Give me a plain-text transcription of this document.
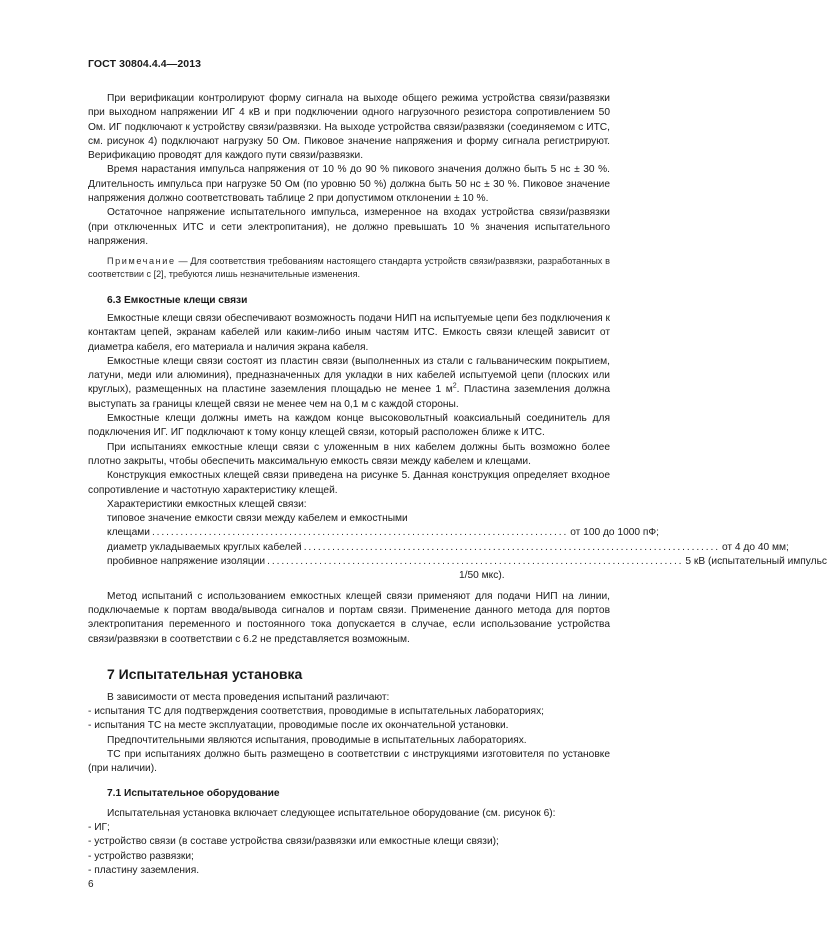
ГОСТ 30804.4.4—2013

При верификации контролируют форму сигнала на выходе общего режима устройства связи/развязки при выходном напряжении ИГ 4 кВ и при подключении одного нагрузочного резистора сопротивлением 50 Ом. ИГ подключают к устройству связи/развязки. На выходе устройства связи/развязки (соединяемом с ИТС, см. рисунок 4) подключают нагрузку 50 Ом. Пиковое значение напряжения и форму сигнала регистрируют. Верификацию проводят для каждого пути связи/развязки.

Время нарастания импульса напряжения от 10 % до 90 % пикового значения должно быть 5 нс ± 30 %. Длительность импульса при нагрузке 50 Ом (по уровню 50 %) должна быть 50 нс ± 30 %. Пиковое значение напряжения должно соответствовать таблице 2 при допустимом отклонении ± 10 %.

Остаточное напряжение испытательного импульса, измеренное на входах устройства связи/развязки (при отключенных ИТС и сети электропитания), не должно превышать 10 % значения испытательного напряжения.

Примечание — Для соответствия требованиям настоящего стандарта устройств связи/развязки, разработанных в соответствии с [2], требуются лишь незначительные изменения.

6.3 Емкостные клещи связи

Емкостные клещи связи обеспечивают возможность подачи НИП на испытуемые цепи без подключения к контактам цепей, экранам кабелей или каким-либо иным частям ИТС. Емкость связи клещей зависит от диаметра кабеля, его материала и наличия экрана кабеля.

Емкостные клещи связи состоят из пластин связи (выполненных из стали с гальваническим покрытием, латуни, меди или алюминия), предназначенных для укладки в них кабелей испытуемой цепи (плоских или круглых), размещенных на пластине заземления площадью не менее 1 $м^2$. Пластина заземления должна выступать за границы клещей связи не менее чем на 0,1 м с каждой стороны.

Емкостные клещи должны иметь на каждом конце высоковольтный коаксиальный соединитель для подключения ИГ. ИГ подключают к тому концу клещей связи, который расположен ближе к ИТС.

При испытаниях емкостные клещи связи с уложенным в них кабелем должны быть возможно более плотно закрыты, чтобы обеспечить максимальную емкость связи между кабелем и клещами.

Конструкция емкостных клещей связи приведена на рисунке 5. Данная конструкция определяет входное сопротивление и частотную характеристику клещей.

Характеристики емкостных клещей связи:

типовое значение емкости связи между кабелем и емкостными
клещами ........................................................................................ от 100 до 1000 пФ;
диаметр укладываемых круглых кабелей ........................................................................................ от 4 до 40 мм;
пробивное напряжение изоляции ........................................................................................ 5 кВ (испытательный импульс
1/50 мкс).

Метод испытаний с использованием емкостных клещей связи применяют для подачи НИП на линии, подключаемые к портам ввода/вывода сигналов и портам связи. Применение данного метода для портов электропитания переменного и постоянного тока допускается в случае, если использование устройства связи/развязки в соответствии с 6.2 не представляется возможным.

7 Испытательная установка

В зависимости от места проведения испытаний различают:

- испытания ТС для подтверждения соответствия, проводимые в испытательных лабораториях;

- испытания ТС на месте эксплуатации, проводимые после их окончательной установки.

Предпочтительными являются испытания, проводимые в испытательных лабораториях.

ТС при испытаниях должно быть размещено в соответствии с инструкциями изготовителя по установке (при наличии).

7.1 Испытательное оборудование

Испытательная установка включает следующее испытательное оборудование (см. рисунок 6):

- ИГ;

- устройство связи (в составе устройства связи/развязки или емкостные клещи связи);

- устройство развязки;

- пластину заземления.

6
